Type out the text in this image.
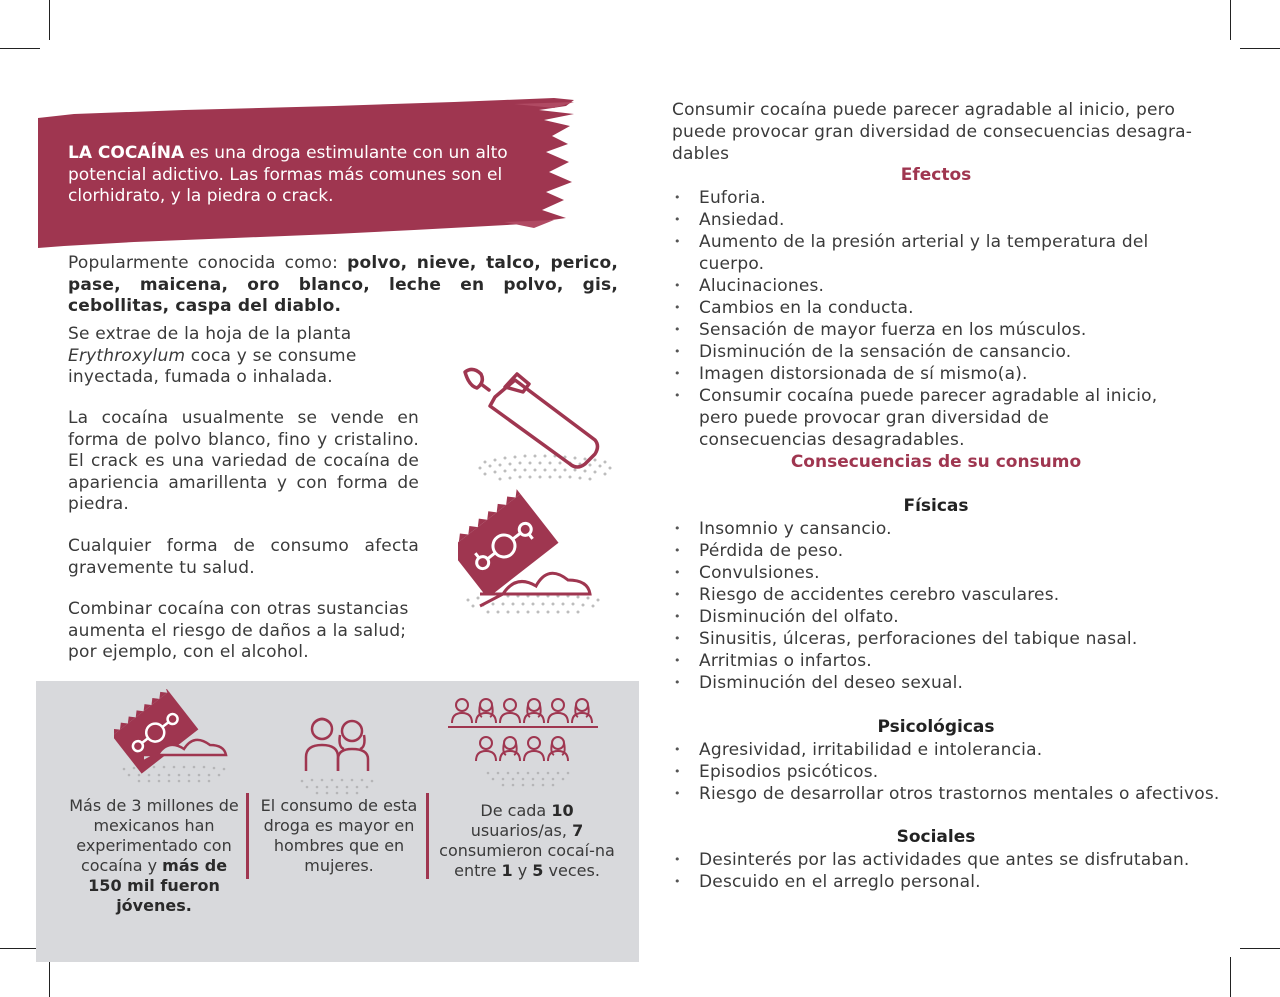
LA COCAÍNA es una droga estimulante con un alto potencial adictivo. Las formas más comunes son el clorhidrato, y la piedra o crack.
Popularmente conocida como: polvo, nieve, talco, perico, pase, maicena, oro blanco, leche en polvo, gis, cebollitas, caspa del diablo.
Se extrae de la hoja de la planta Erythroxylum coca y se consume inyectada, fumada o inhalada.
La cocaína usualmente se vende en forma de polvo blanco, fino y cristalino. El crack es una variedad de cocaína de apariencia amarillenta y con forma de piedra.
Cualquier forma de consumo afecta gravemente tu salud.
Combinar cocaína con otras sustancias aumenta el riesgo de daños a la salud; por ejemplo, con el alcohol.
Más de 3 millones de mexicanos han experimentado con cocaína y más de 150 mil fueron jóvenes.
El consumo de esta droga es mayor en hombres que en mujeres.
De cada 10 usuarios/as, 7 consumieron cocaí-na entre 1 y 5 veces.
Consumir cocaína puede parecer agradable al inicio, pero puede provocar gran diversidad de consecuencias desagra-dables
Efectos
• Euforia.
• Ansiedad.
• Aumento de la presión arterial y la temperatura del cuerpo.
• Alucinaciones.
• Cambios en la conducta.
• Sensación de mayor fuerza en los músculos.
• Disminución de la sensación de cansancio.
• Imagen distorsionada de sí mismo(a).
• Consumir cocaína puede parecer agradable al inicio, pero puede provocar gran diversidad de consecuencias desagradables.
Consecuencias de su consumo
Físicas
• Insomnio y cansancio.
• Pérdida de peso.
• Convulsiones.
• Riesgo de accidentes cerebro vasculares.
• Disminución del olfato.
• Sinusitis, úlceras, perforaciones del tabique nasal.
• Arritmias o infartos.
• Disminución del deseo sexual.
Psicológicas
• Agresividad, irritabilidad e intolerancia.
• Episodios psicóticos.
• Riesgo de desarrollar otros trastornos mentales o afectivos.
Sociales
• Desinterés por las actividades que antes se disfrutaban.
• Descuido en el arreglo personal.
